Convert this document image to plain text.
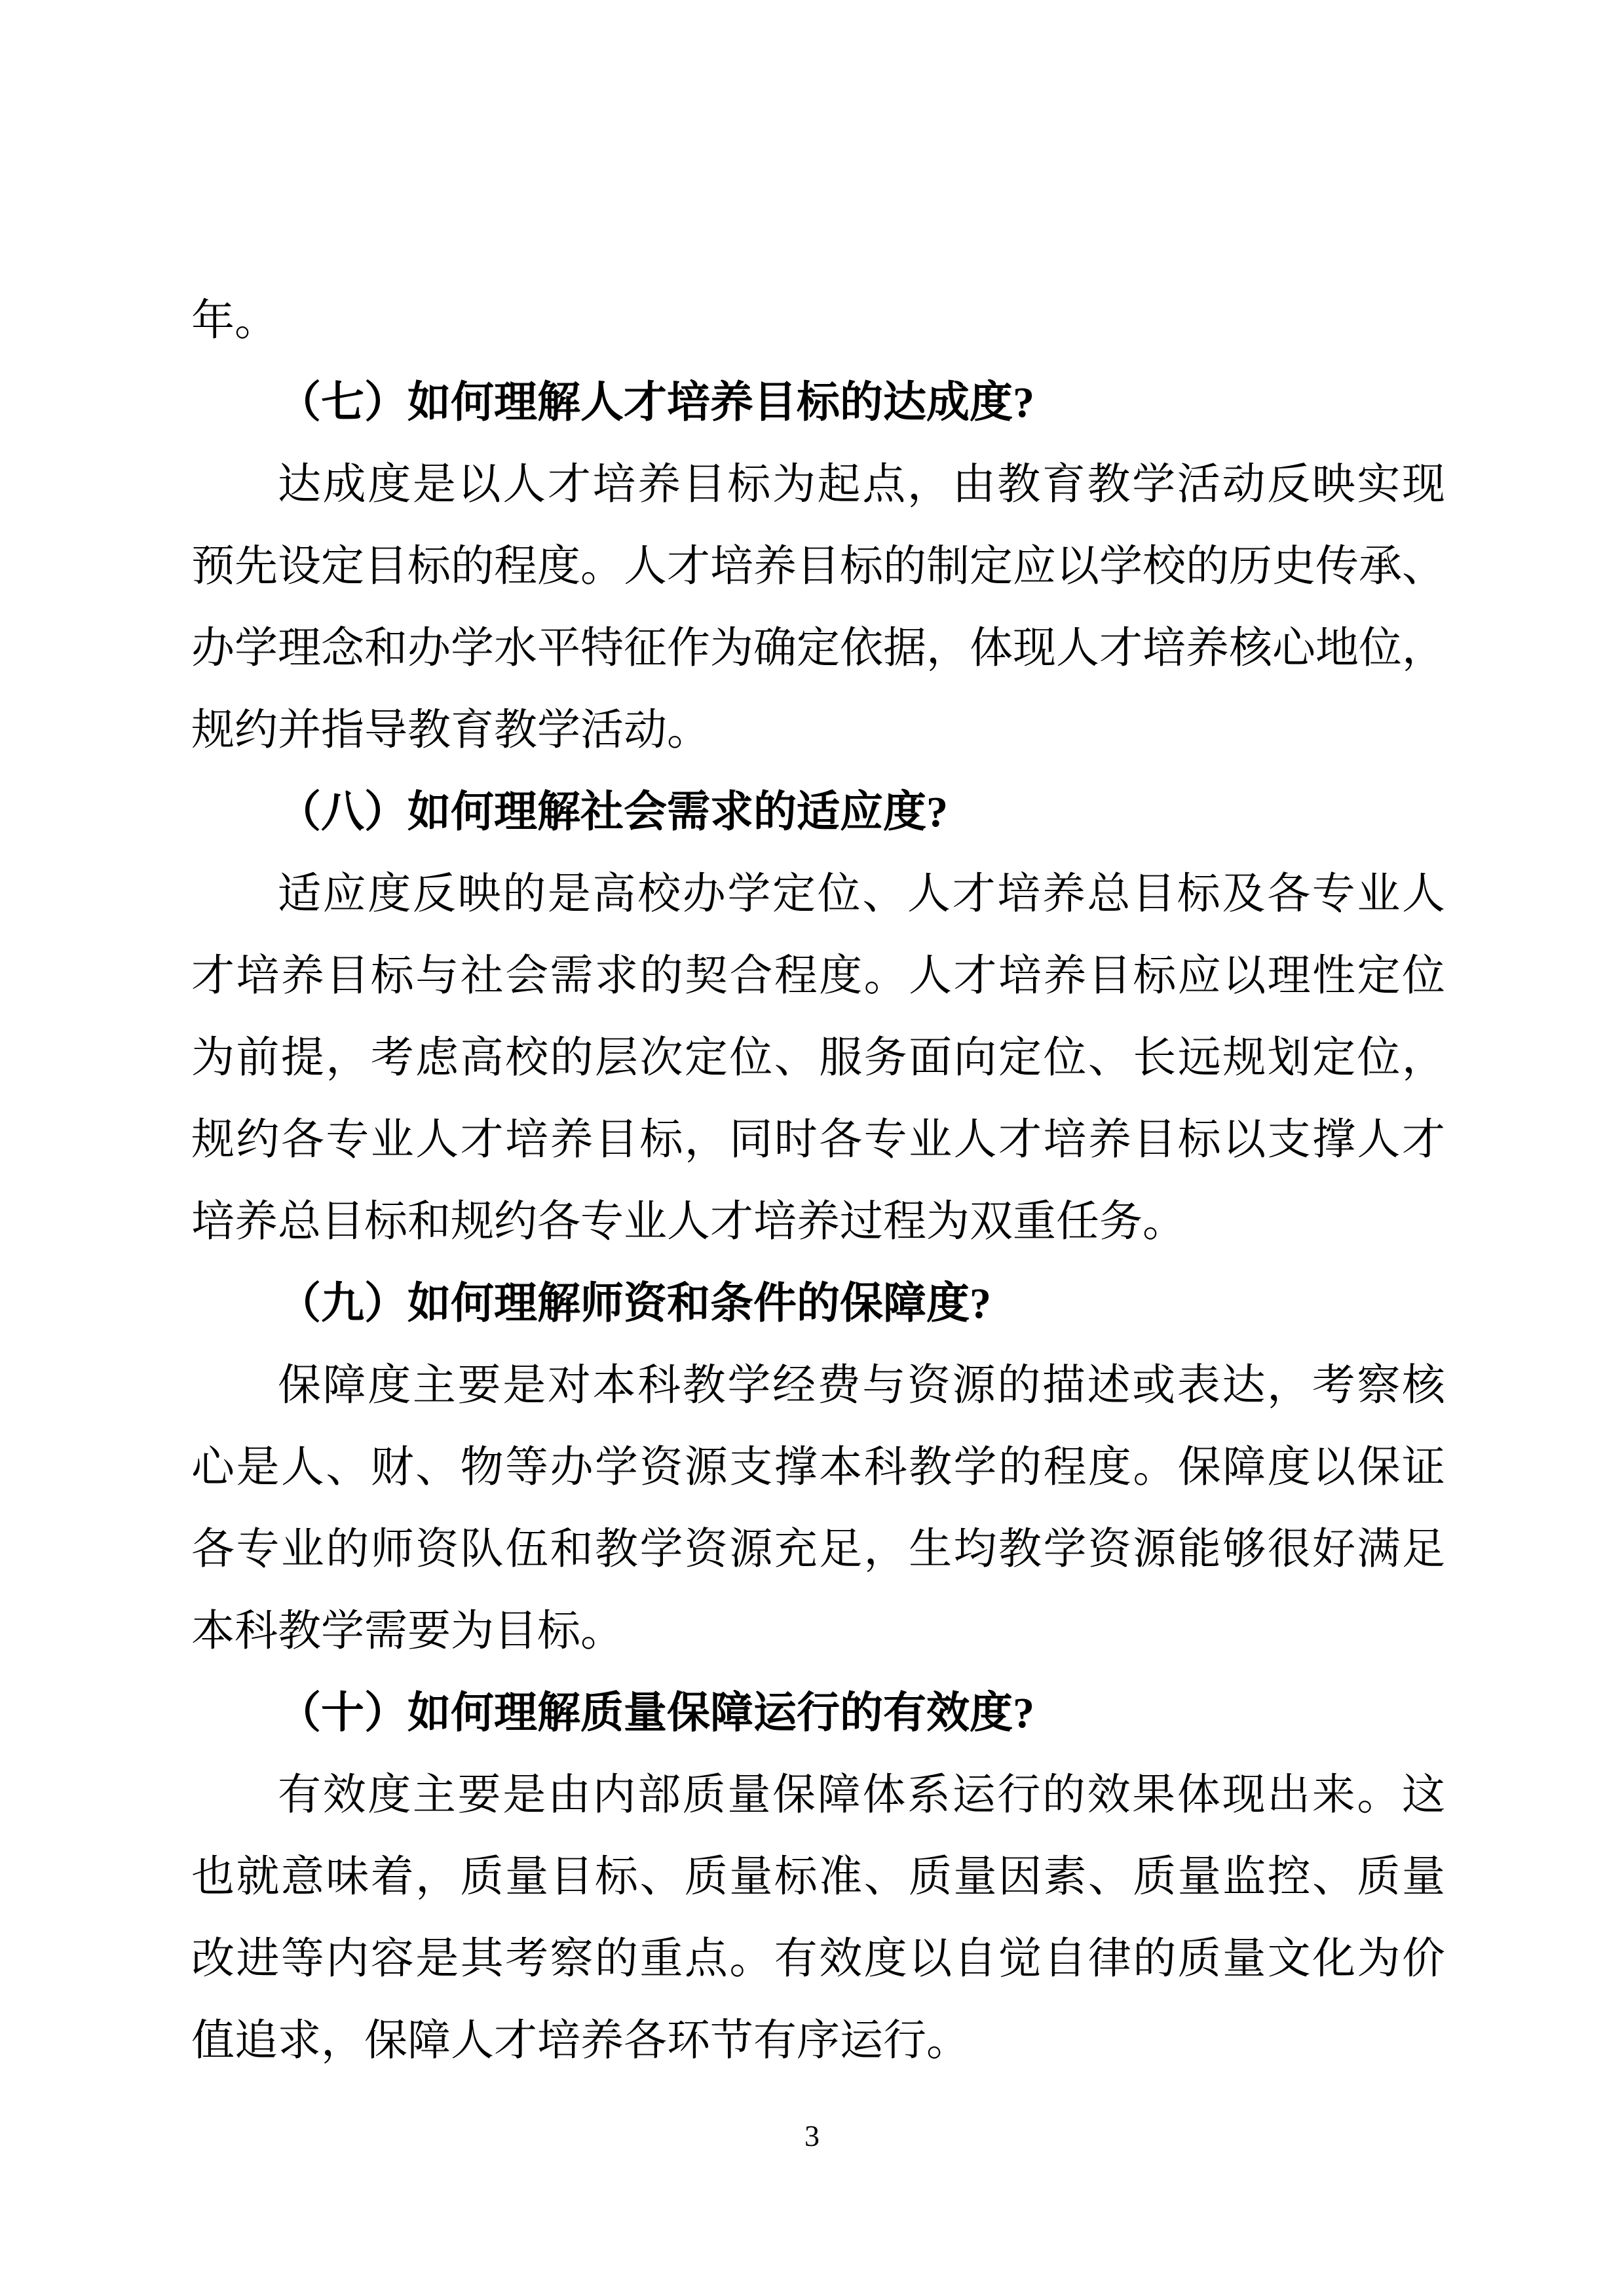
年。
（七）如何理解人才培养目标的达成度?
达成度是以人才培养目标为起点，由教育教学活动反映实现
预先设定目标的程度。人才培养目标的制定应以学校的历史传承、
办学理念和办学水平特征作为确定依据，体现人才培养核心地位，
规约并指导教育教学活动。
（八）如何理解社会需求的适应度?
适应度反映的是高校办学定位、人才培养总目标及各专业人
才培养目标与社会需求的契合程度。人才培养目标应以理性定位
为前提，考虑高校的层次定位、服务面向定位、长远规划定位，
规约各专业人才培养目标，同时各专业人才培养目标以支撑人才
培养总目标和规约各专业人才培养过程为双重任务。
（九）如何理解师资和条件的保障度?
保障度主要是对本科教学经费与资源的描述或表达，考察核
心是人、财、物等办学资源支撑本科教学的程度。保障度以保证
各专业的师资队伍和教学资源充足，生均教学资源能够很好满足
本科教学需要为目标。
（十）如何理解质量保障运行的有效度?
有效度主要是由内部质量保障体系运行的效果体现出来。这
也就意味着，质量目标、质量标准、质量因素、质量监控、质量
改进等内容是其考察的重点。有效度以自觉自律的质量文化为价
值追求，保障人才培养各环节有序运行。
3
